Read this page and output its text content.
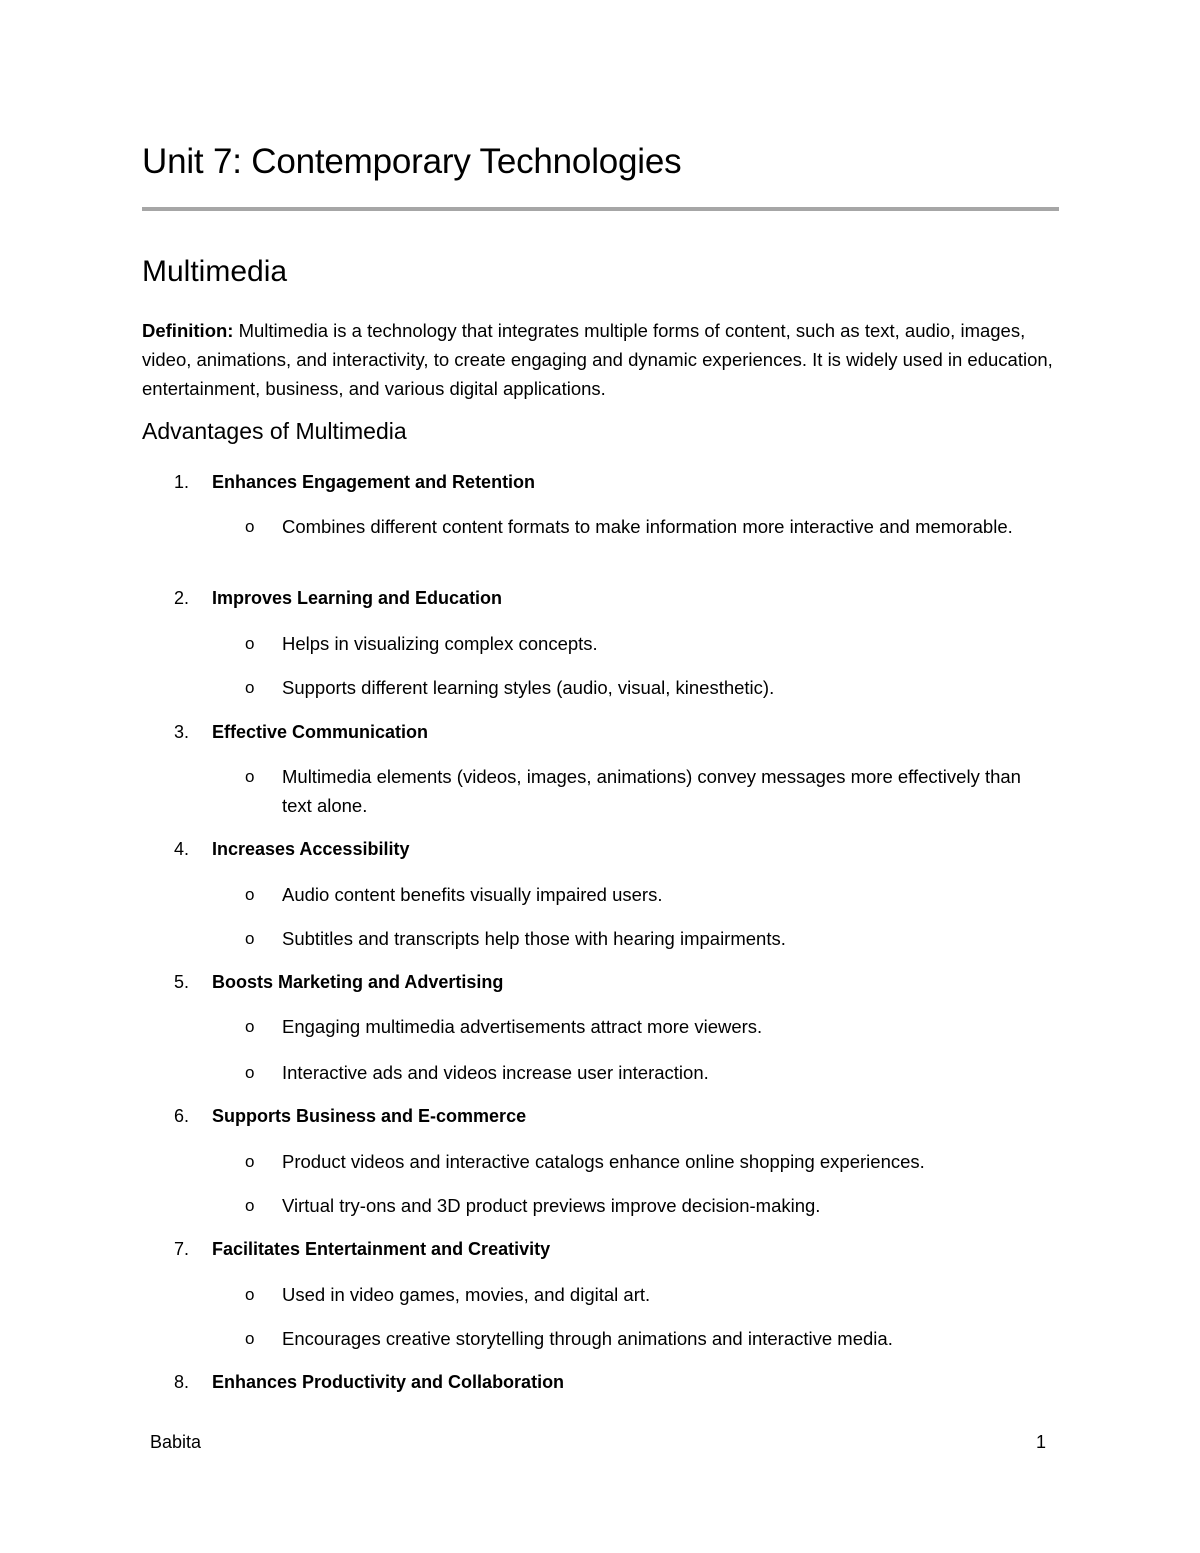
Unit 7: Contemporary Technologies
Multimedia

Definition: Multimedia is a technology that integrates multiple forms of content, such as text, audio, images, video, animations, and interactivity, to create engaging and dynamic experiences. It is widely used in education, entertainment, business, and various digital applications.

Advantages of Multimedia
1. Enhances Engagement and Retention
o Combines different content formats to make information more interactive and memorable.
2. Improves Learning and Education
o Helps in visualizing complex concepts.
o Supports different learning styles (audio, visual, kinesthetic).
3. Effective Communication
o Multimedia elements (videos, images, animations) convey messages more effectively than text alone.
4. Increases Accessibility
o Audio content benefits visually impaired users.
o Subtitles and transcripts help those with hearing impairments.
5. Boosts Marketing and Advertising
o Engaging multimedia advertisements attract more viewers.
o Interactive ads and videos increase user interaction.
6. Supports Business and E-commerce
o Product videos and interactive catalogs enhance online shopping experiences.
o Virtual try-ons and 3D product previews improve decision-making.
7. Facilitates Entertainment and Creativity
o Used in video games, movies, and digital art.
o Encourages creative storytelling through animations and interactive media.
8. Enhances Productivity and Collaboration
Babita	1
